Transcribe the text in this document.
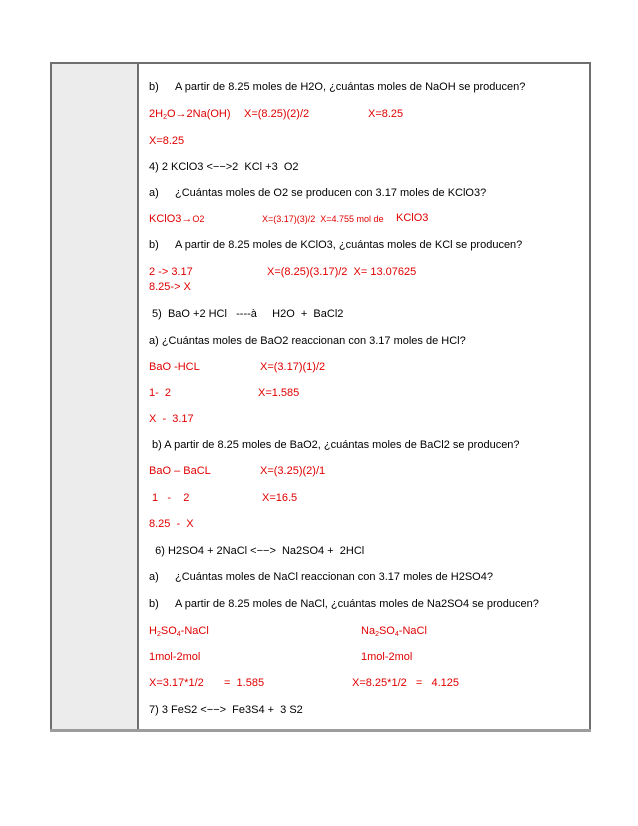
b) A partir de 8.25 moles de H2O, ¿cuántas moles de NaOH se producen?
$2H_2O\to 2Na(OH)$ X=(8.25)(2)/2	X=8.25
X=8.25
4) 2 KClO3 <−−>2  KCl +3  O2
a) ¿Cuántas moles de O2 se producen con 3.17 moles de KClO3?
KClO3→O2	X=(3.17)(3)/2  X=4.755 mol de KClO3
b) A partir de 8.25 moles de KClO3, ¿cuántas moles de KCl se producen?
2 -> 3.17	X=(8.25)(3.17)/2  X= 13.07625
8.25-> X
5)  BaO +2 HCl   ----à     H2O  +  BaCl2
a) ¿Cuántas moles de BaO2 reaccionan con 3.17 moles de HCl?
BaO -HCL	X=(3.17)(1)/2
1-  2	X=1.585
X  -  3.17
b) A partir de 8.25 moles de BaO2, ¿cuántas moles de BaCl2 se producen?
BaO – BaCL	X=(3.25)(2)/1
1   -    2	X=16.5
8.25  -  X
6) H2SO4 + 2NaCl <−−>  Na2SO4 +  2HCl
a) ¿Cuántas moles de NaCl reaccionan con 3.17 moles de H2SO4?
b) A partir de 8.25 moles de NaCl, ¿cuántas moles de Na2SO4 se producen?
$H_2SO_4$-NaCl	$Na_2SO_4$-NaCl
1mol-2mol	1mol-2mol
X=3.17*1/2 =  1.585	X=8.25*1/2   =   4.125
7) 3 FeS2 <−−>  Fe3S4 +  3 S2
